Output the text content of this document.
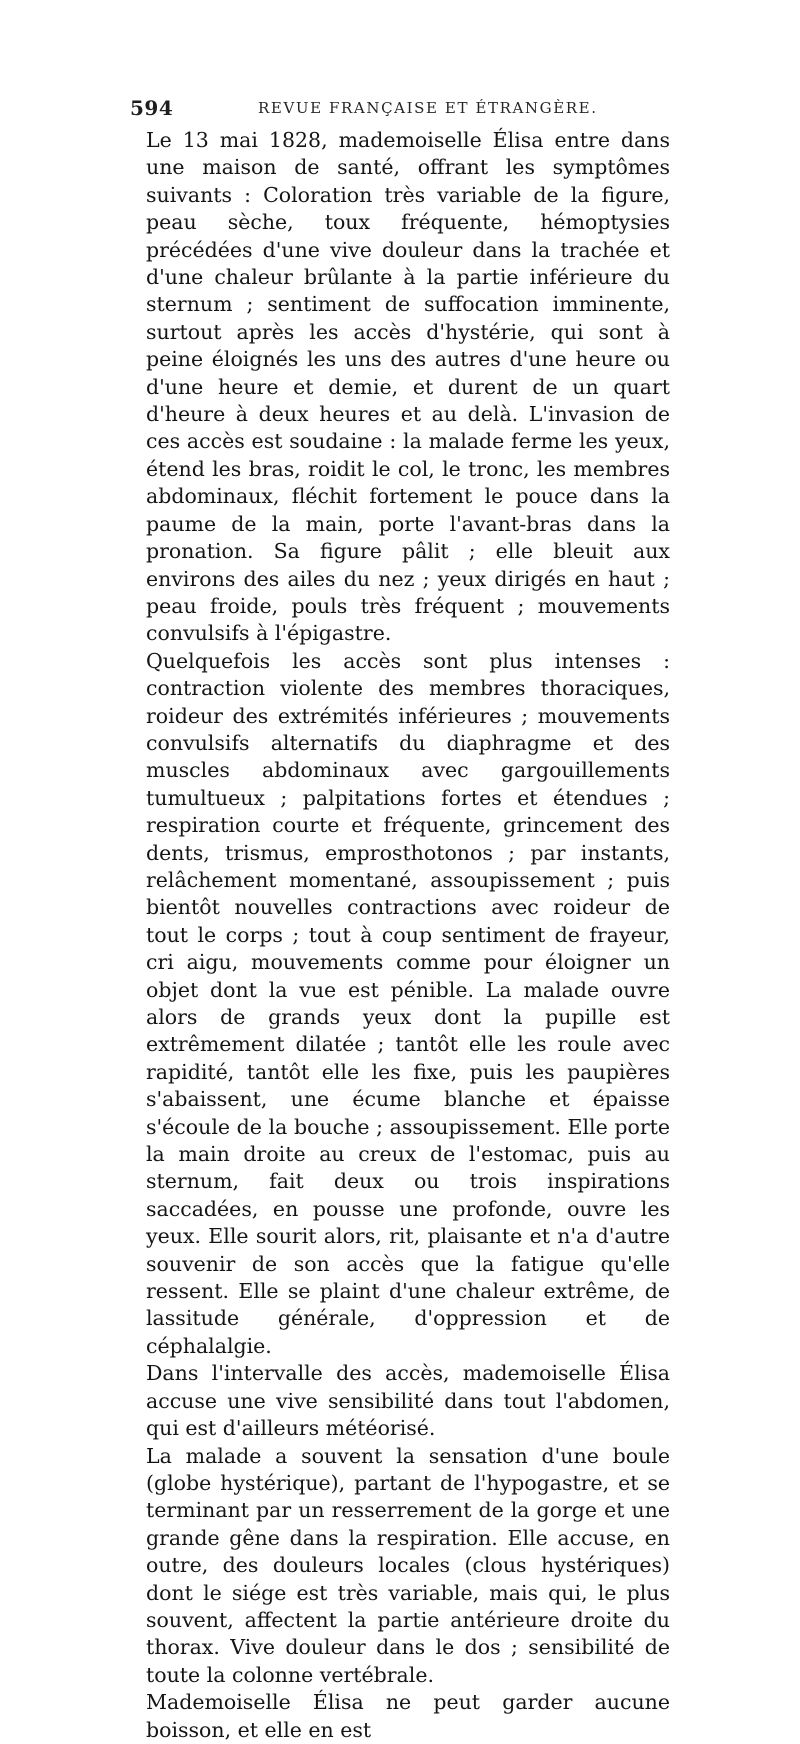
594	REVUE FRANÇAISE ET ÉTRANGÈRE.

Le 13 mai 1828, mademoiselle Élisa entre dans une maison de santé, offrant les symptômes suivants : Coloration très variable de la figure, peau sèche, toux fréquente, hémoptysies précédées d'une vive douleur dans la trachée et d'une chaleur brûlante à la partie inférieure du sternum ; sentiment de suffocation imminente, surtout après les accès d'hystérie, qui sont à peine éloignés les uns des autres d'une heure ou d'une heure et demie, et durent de un quart d'heure à deux heures et au delà. L'invasion de ces accès est soudaine : la malade ferme les yeux, étend les bras, roidit le col, le tronc, les membres abdominaux, fléchit fortement le pouce dans la paume de la main, porte l'avant-bras dans la pronation. Sa figure pâlit ; elle bleuit aux environs des ailes du nez ; yeux dirigés en haut ; peau froide, pouls très fréquent ; mouvements convulsifs à l'épigastre.

Quelquefois les accès sont plus intenses : contraction violente des membres thoraciques, roideur des extrémités inférieures ; mouvements convulsifs alternatifs du diaphragme et des muscles abdominaux avec gargouillements tumultueux ; palpitations fortes et étendues ; respiration courte et fréquente, grincement des dents, trismus, emprosthotonos ; par instants, relâchement momentané, assoupissement ; puis bientôt nouvelles contractions avec roideur de tout le corps ; tout à coup sentiment de frayeur, cri aigu, mouvements comme pour éloigner un objet dont la vue est pénible. La malade ouvre alors de grands yeux dont la pupille est extrêmement dilatée ; tantôt elle les roule avec rapidité, tantôt elle les fixe, puis les paupières s'abaissent, une écume blanche et épaisse s'écoule de la bouche ; assoupissement. Elle porte la main droite au creux de l'estomac, puis au sternum, fait deux ou trois inspirations saccadées, en pousse une profonde, ouvre les yeux. Elle sourit alors, rit, plaisante et n'a d'autre souvenir de son accès que la fatigue qu'elle ressent. Elle se plaint d'une chaleur extrême, de lassitude générale, d'oppression et de céphalalgie.

Dans l'intervalle des accès, mademoiselle Élisa accuse une vive sensibilité dans tout l'abdomen, qui est d'ailleurs météorisé.

La malade a souvent la sensation d'une boule (globe hystérique), partant de l'hypogastre, et se terminant par un resserrement de la gorge et une grande gêne dans la respiration. Elle accuse, en outre, des douleurs locales (clous hystériques) dont le siége est très variable, mais qui, le plus souvent, affectent la partie antérieure droite du thorax. Vive douleur dans le dos ; sensibilité de toute la colonne vertébrale.

Mademoiselle Élisa ne peut garder aucune boisson, et elle en est
